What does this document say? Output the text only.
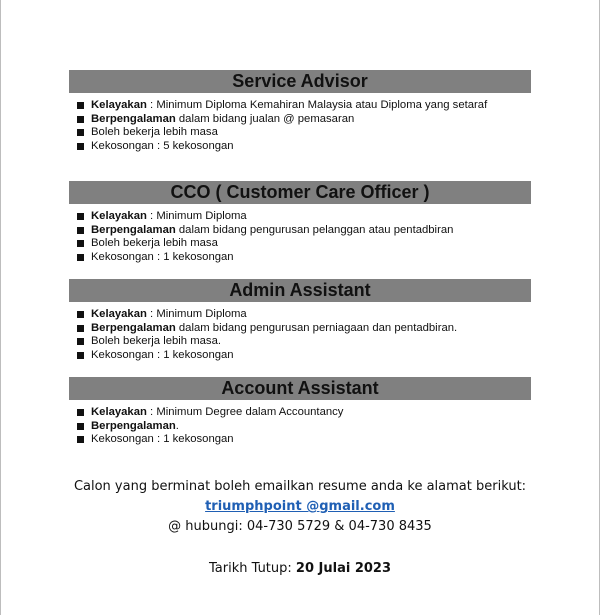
Service Advisor
Kelayakan : Minimum Diploma Kemahiran Malaysia atau Diploma yang setaraf
Berpengalaman dalam bidang jualan @ pemasaran
Boleh bekerja lebih masa
Kekosongan : 5 kekosongan
CCO ( Customer Care Officer )
Kelayakan : Minimum Diploma
Berpengalaman dalam bidang pengurusan pelanggan atau pentadbiran
Boleh bekerja lebih masa
Kekosongan : 1 kekosongan
Admin Assistant
Kelayakan : Minimum Diploma
Berpengalaman dalam bidang pengurusan perniagaan dan pentadbiran.
Boleh bekerja lebih masa.
Kekosongan : 1 kekosongan
Account Assistant
Kelayakan : Minimum Degree dalam Accountancy
Berpengalaman.
Kekosongan : 1 kekosongan
Calon yang berminat boleh emailkan resume anda ke alamat berikut:
triumphpoint @gmail.com
@ hubungi: 04-730 5729 & 04-730 8435
Tarikh Tutup: 20 Julai 2023
